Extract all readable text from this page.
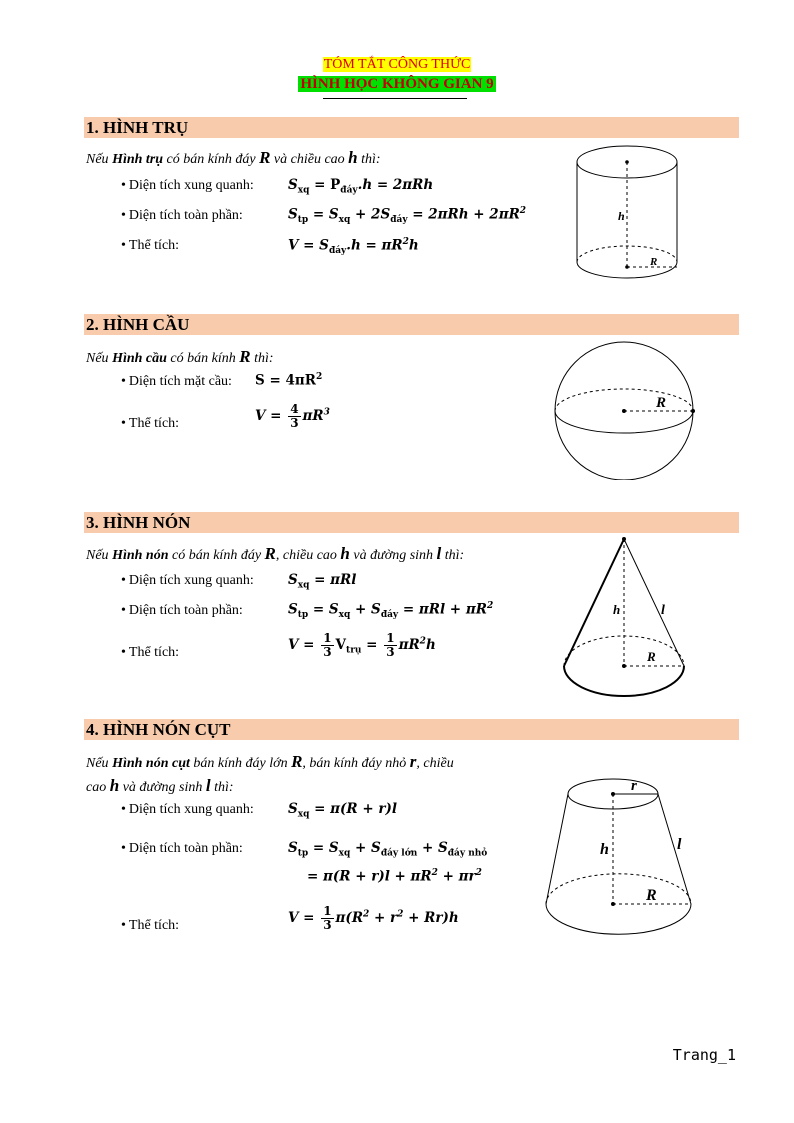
TÓM TẮT CÔNG THỨC
HÌNH HỌC KHÔNG GIAN 9
1. HÌNH TRỤ
Nếu Hình trụ có bán kính đáy R và chiều cao h thì:
• Diện tích xung quanh:	$S_{xq} = P_{đáy}.h = 2\pi Rh$
• Diện tích toàn phần:	$S_{tp} = S_{xq} + 2S_{đáy} = 2\pi Rh + 2\pi R^2$
• Thể tích:	$V = S_{đáy}.h = \pi R^2h$
h
R
2. HÌNH CẦU
Nếu Hình cầu có bán kính R thì:
• Diện tích mặt cầu: $S = 4\pi R^2$
• Thể tích:	$V = \frac{4}{3} \pi R^3$
R
3. HÌNH NÓN
Nếu Hình nón có bán kính đáy R, chiều cao h và đường sinh l thì:
• Diện tích xung quanh:	$S_{xq} = \pi Rl$
• Diện tích toàn phần:	$S_{tp} = S_{xq} + S_{đáy} = \pi Rl + \pi R^2$
• Thể tích:	$V = \frac{1}{3} V_{trụ} = \frac{1}{3} \pi R^2h$
h	l
R
4. HÌNH NÓN CỤT
Nếu Hình nón cụt bán kính đáy lớn R, bán kính đáy nhỏ r, chiều
cao h và đường sinh l thì:
• Diện tích xung quanh:	$S_{xq} = \pi(R + r)l$
• Diện tích toàn phần:	$S_{tp} = S_{xq} + S_{đáy lớn} + S_{đáy nhỏ}$
= $\pi(R + r)l + \pi R^2 + \pi r^2$
• Thể tích:	$V = \frac{1}{3} \pi(R^2 + r^2 + Rr)h$
r
h	l
R
Trang_1
